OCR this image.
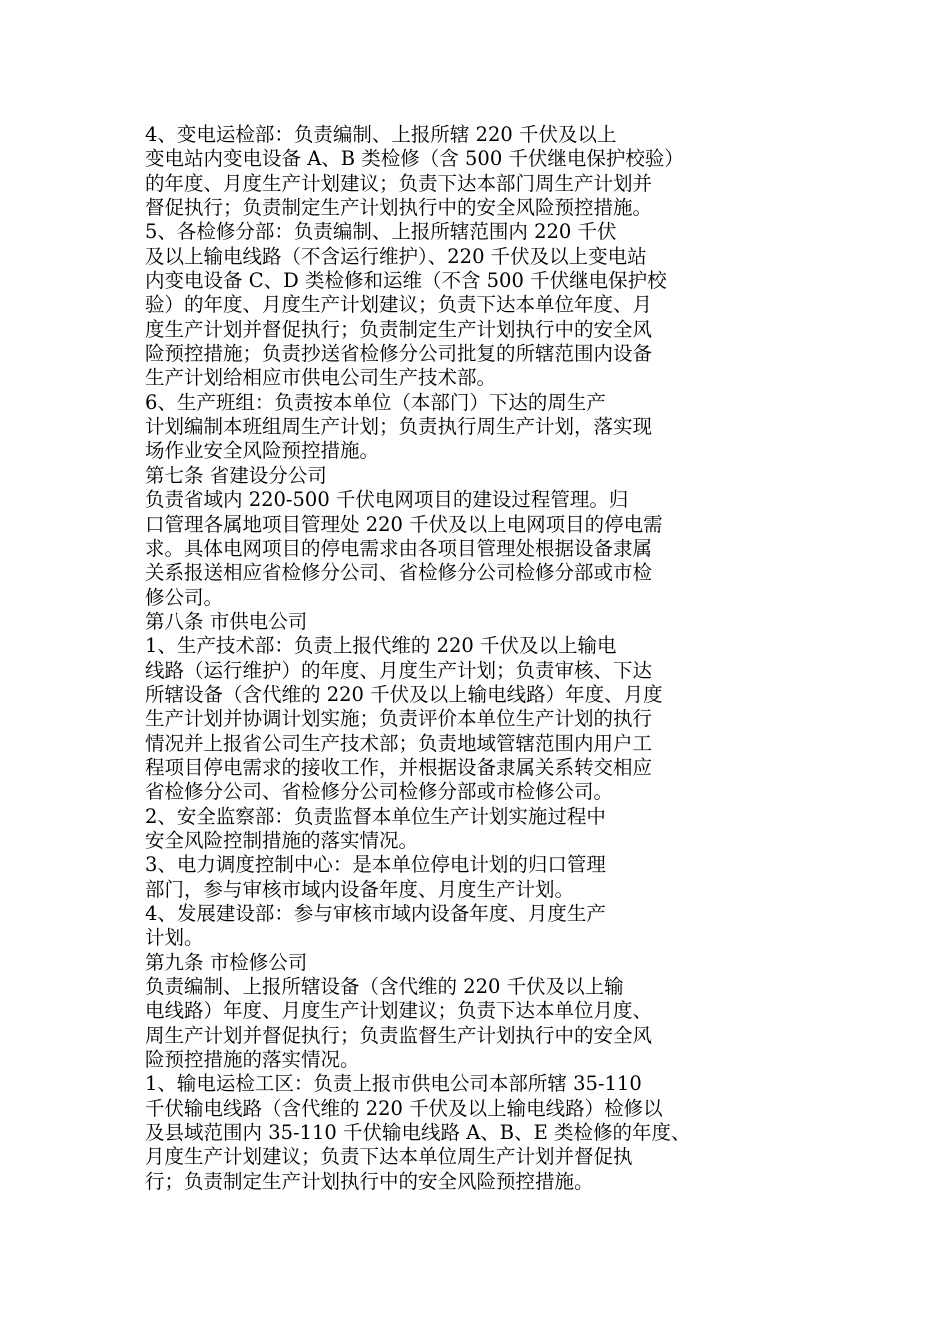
4、变电运检部：负责编制、上报所辖 220 千伏及以上
变电站内变电设备 A、B 类检修（含 500 千伏继电保护校验）
的年度、月度生产计划建议；负责下达本部门周生产计划并
督促执行；负责制定生产计划执行中的安全风险预控措施。
5、各检修分部：负责编制、上报所辖范围内 220 千伏
及以上输电线路（不含运行维护）、220 千伏及以上变电站
内变电设备 C、D 类检修和运维（不含 500 千伏继电保护校
验）的年度、月度生产计划建议；负责下达本单位年度、月
度生产计划并督促执行；负责制定生产计划执行中的安全风
险预控措施；负责抄送省检修分公司批复的所辖范围内设备
生产计划给相应市供电公司生产技术部。
6、生产班组：负责按本单位（本部门）下达的周生产
计划编制本班组周生产计划；负责执行周生产计划，落实现
场作业安全风险预控措施。
第七条 省建设分公司
负责省域内 220-500 千伏电网项目的建设过程管理。归
口管理各属地项目管理处 220 千伏及以上电网项目的停电需
求。具体电网项目的停电需求由各项目管理处根据设备隶属
关系报送相应省检修分公司、省检修分公司检修分部或市检
修公司。
第八条 市供电公司
1、生产技术部：负责上报代维的 220 千伏及以上输电
线路（运行维护）的年度、月度生产计划；负责审核、下达
所辖设备（含代维的 220 千伏及以上输电线路）年度、月度
生产计划并协调计划实施；负责评价本单位生产计划的执行
情况并上报省公司生产技术部；负责地域管辖范围内用户工
程项目停电需求的接收工作，并根据设备隶属关系转交相应
省检修分公司、省检修分公司检修分部或市检修公司。
2、安全监察部：负责监督本单位生产计划实施过程中
安全风险控制措施的落实情况。
3、电力调度控制中心：是本单位停电计划的归口管理
部门，参与审核市域内设备年度、月度生产计划。
4、发展建设部：参与审核市域内设备年度、月度生产
计划。
第九条 市检修公司
负责编制、上报所辖设备（含代维的 220 千伏及以上输
电线路）年度、月度生产计划建议；负责下达本单位月度、
周生产计划并督促执行；负责监督生产计划执行中的安全风
险预控措施的落实情况。
1、输电运检工区：负责上报市供电公司本部所辖 35-110
千伏输电线路（含代维的 220 千伏及以上输电线路）检修以
及县域范围内 35-110 千伏输电线路 A、B、E 类检修的年度、
月度生产计划建议；负责下达本单位周生产计划并督促执
行；负责制定生产计划执行中的安全风险预控措施。
